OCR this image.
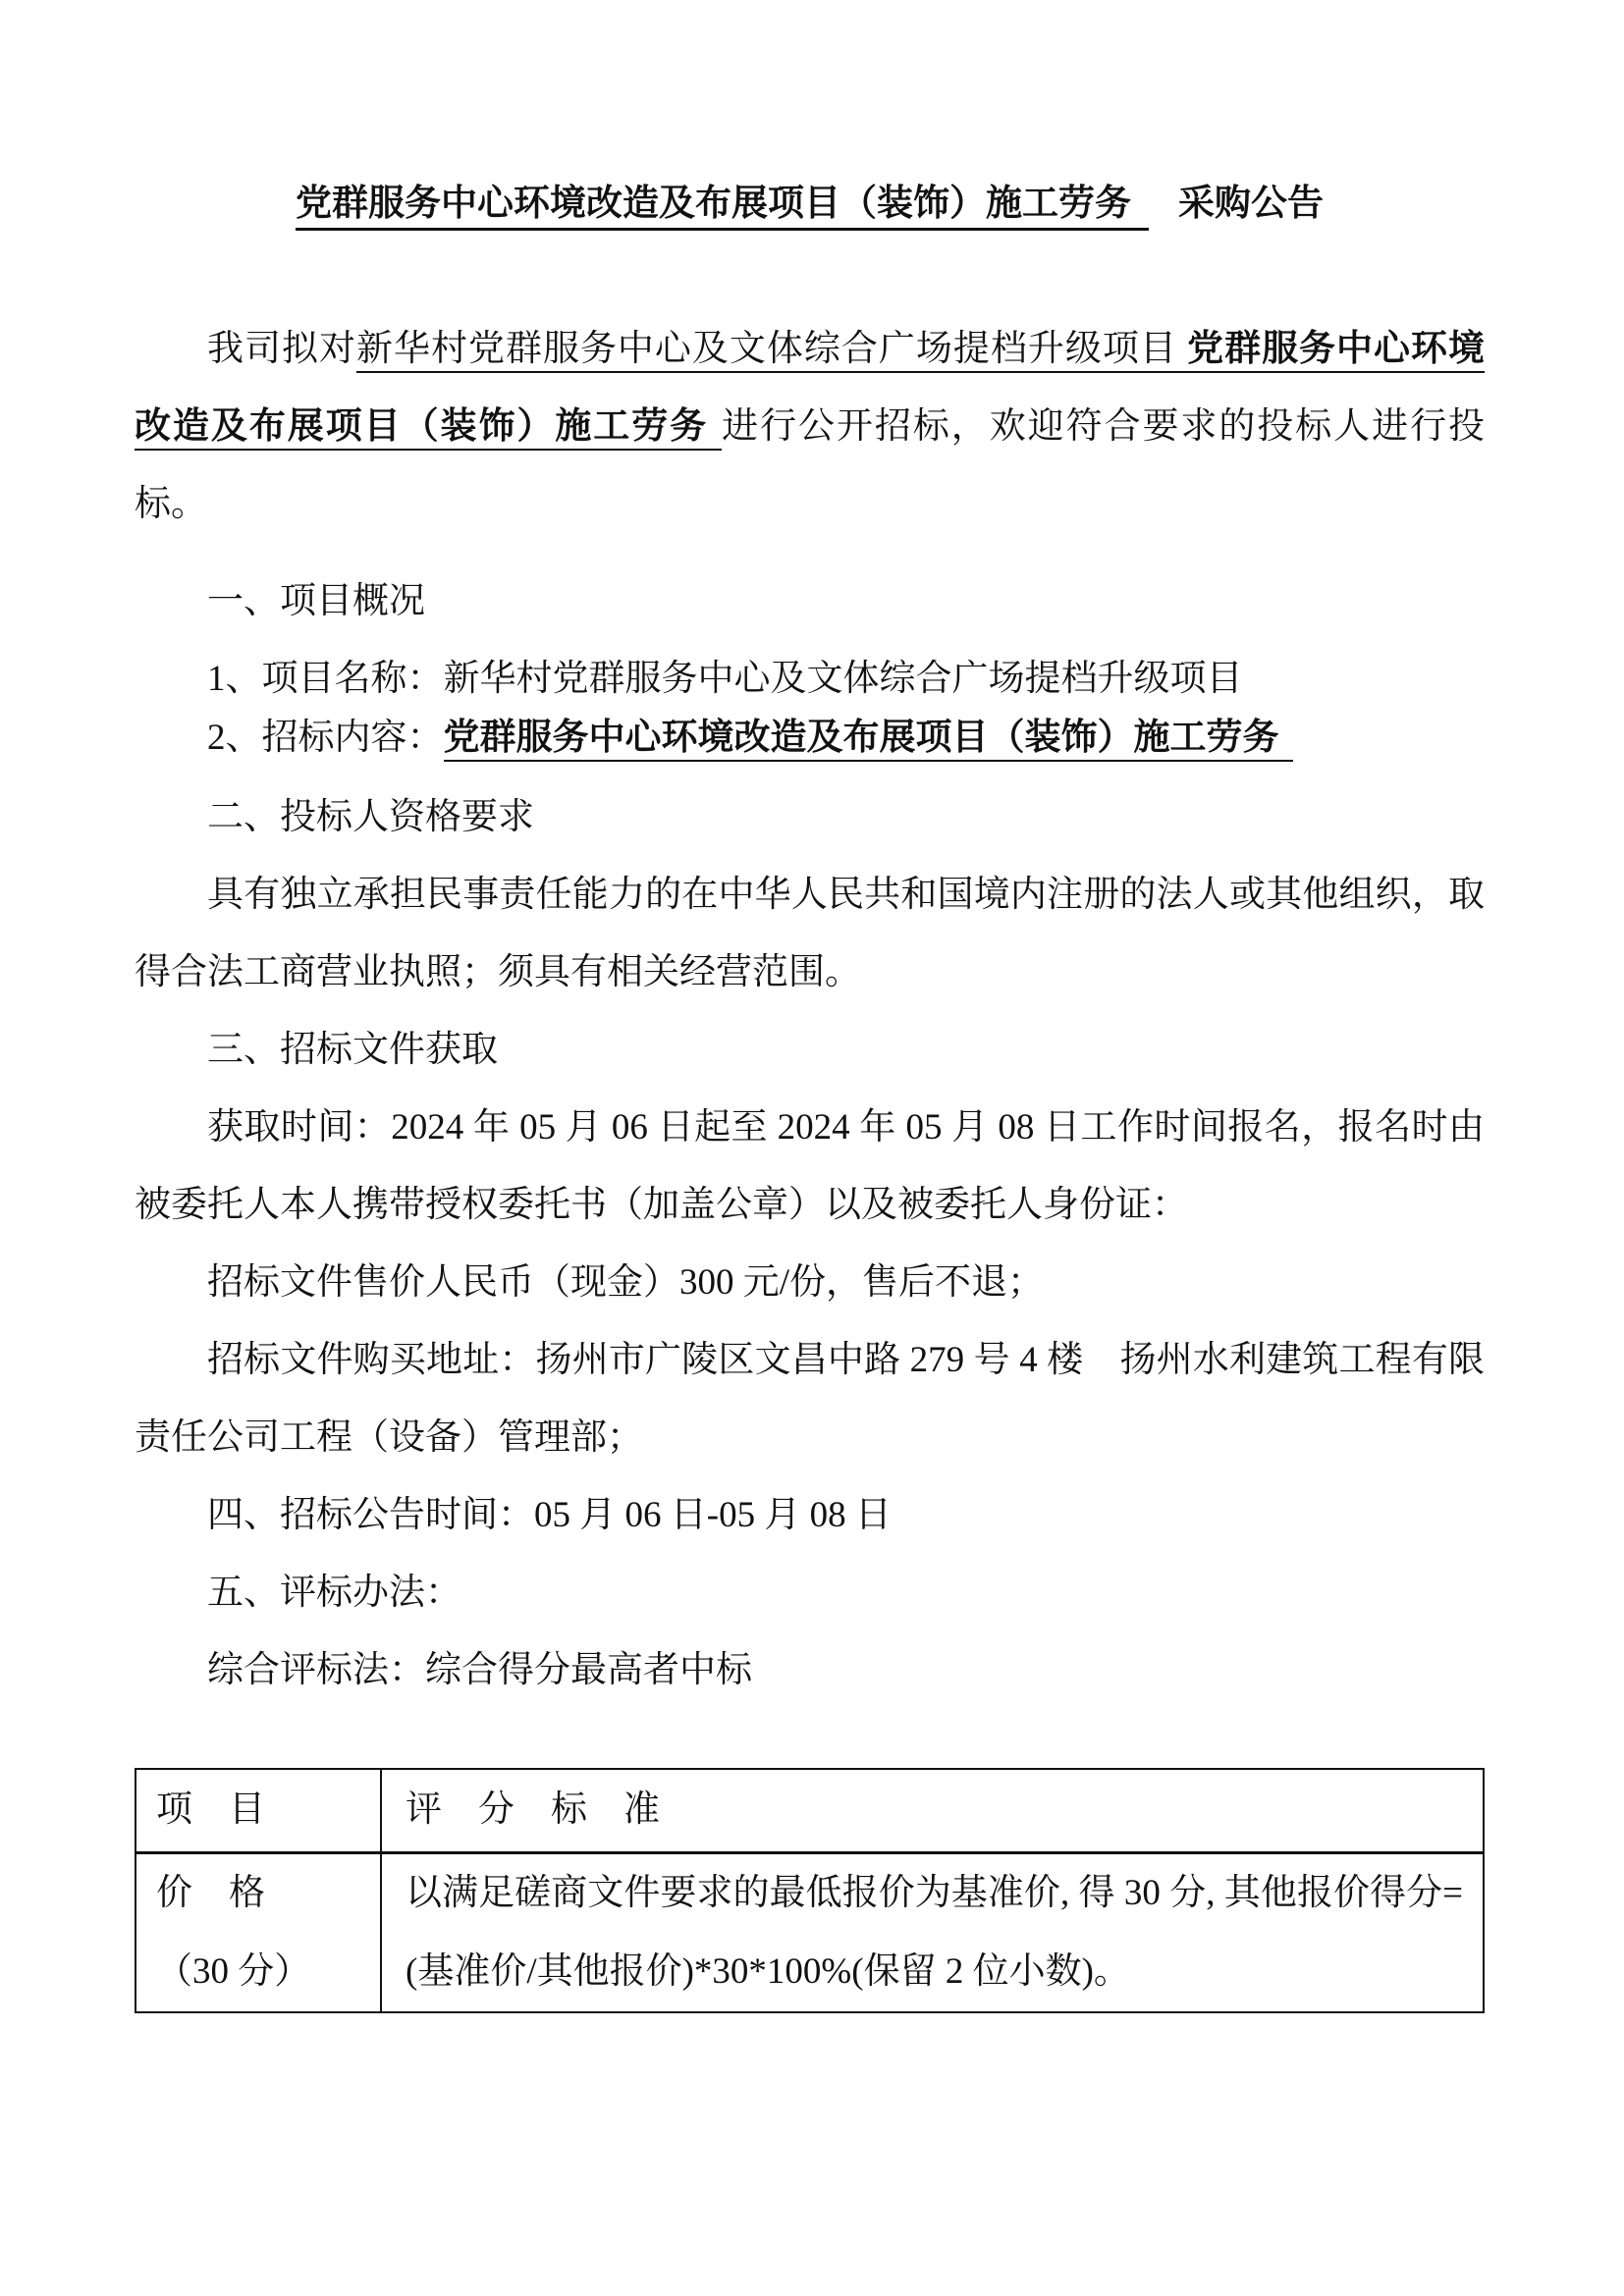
党群服务中心环境改造及布展项目（装饰）施工劳务 采购公告
我司拟对新华村党群服务中心及文体综合广场提档升级项目 党群服务中心环境改造及布展项目（装饰）施工劳务 进行公开招标，欢迎符合要求的投标人进行投标。
一、项目概况
1、项目名称：新华村党群服务中心及文体综合广场提档升级项目
2、招标内容：党群服务中心环境改造及布展项目（装饰）施工劳务
二、投标人资格要求
具有独立承担民事责任能力的在中华人民共和国境内注册的法人或其他组织，取得合法工商营业执照；须具有相关经营范围。
三、招标文件获取
获取时间：2024 年 05 月 06 日起至 2024 年 05 月 08 日工作时间报名，报名时由被委托人本人携带授权委托书（加盖公章）以及被委托人身份证：
招标文件售价人民币（现金）300 元/份，售后不退；
招标文件购买地址：扬州市广陵区文昌中路 279 号 4 楼　扬州水利建筑工程有限责任公司工程（设备）管理部；
四、招标公告时间：05 月 06 日-05 月 08 日
五、评标办法：
综合评标法：综合得分最高者中标
项　目	评　分　标　准

价　格
（30 分）	以满足磋商文件要求的最低报价为基准价, 得 30 分, 其他报价得分=(基准价/其他报价)*30*100%(保留 2 位小数)。
